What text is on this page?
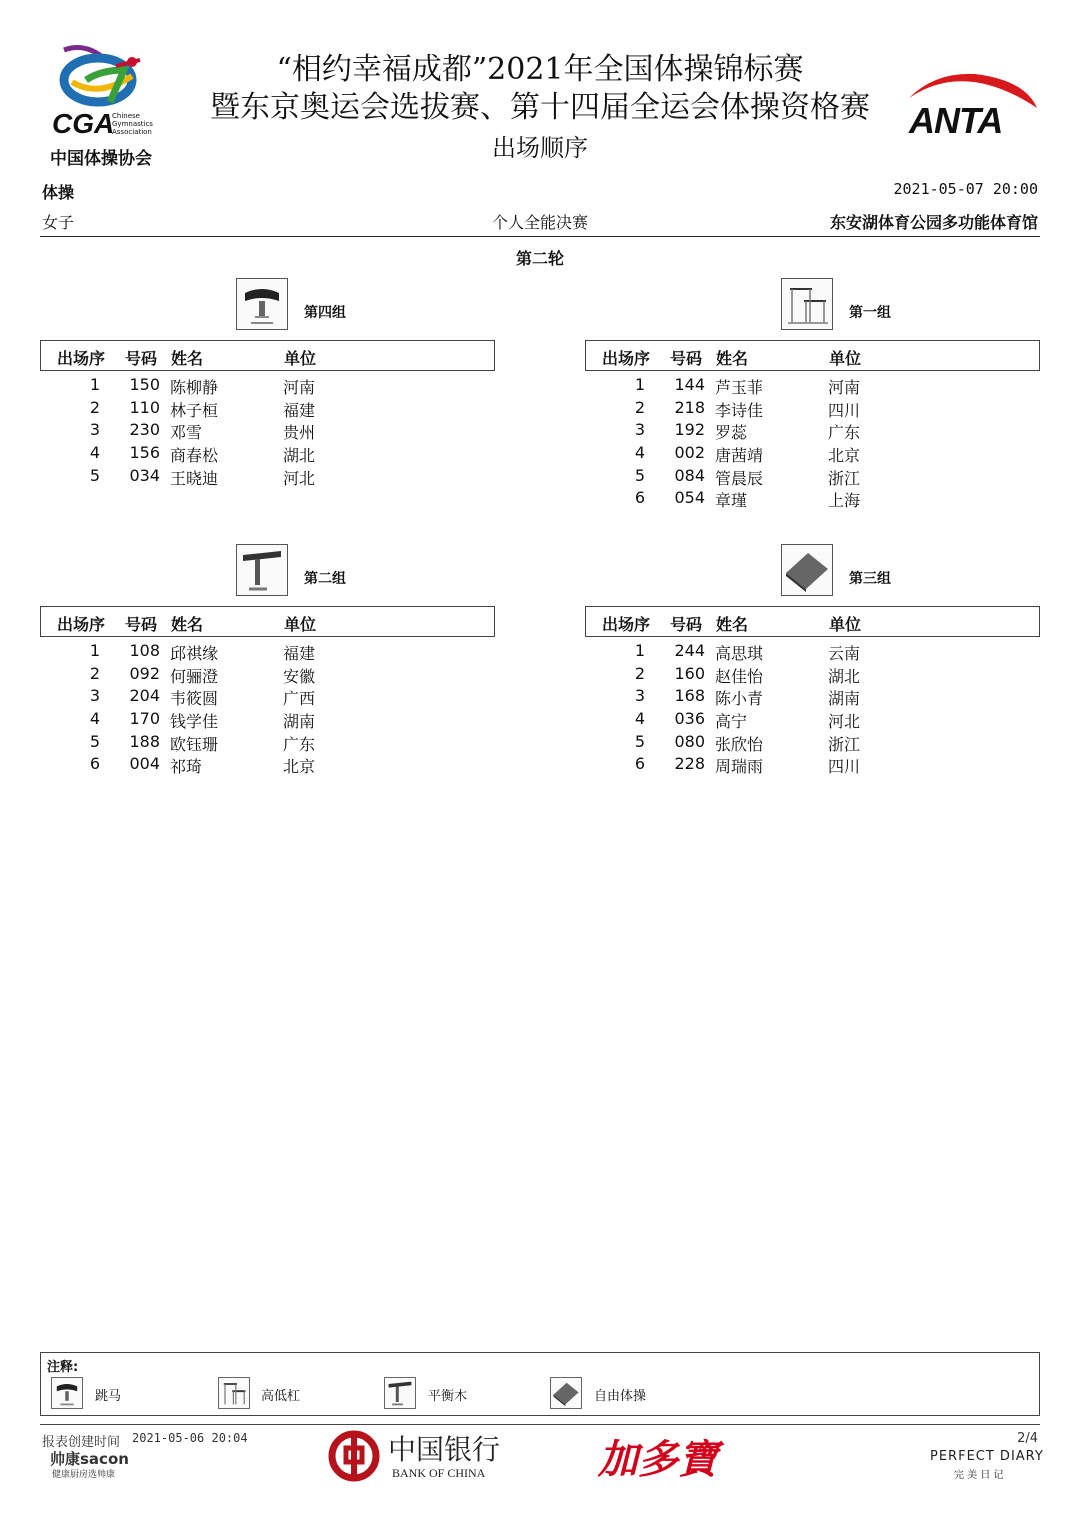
CGA
Chinese Gymnastics Association
中国体操协会
“相约幸福成都”2021年全国体操锦标赛
暨东京奥运会选拔赛、第十四届全运会体操资格赛
出场顺序
ANTA
体操	2021-05-07 20:00
女子	个人全能决赛	东安湖体育公园多功能体育馆
第二轮
第四组
出场序 号码 姓名	单位
1	150 陈柳静	河南
2	110 林子桓	福建
3	230 邓雪	贵州
4	156 商春松	湖北
5	034 王晓迪	河北
第一组
出场序 号码 姓名	单位
1	144 芦玉菲	河南
2	218 李诗佳	四川
3	192 罗蕊	广东
4	002 唐茜靖	北京
5	084 管晨辰	浙江
6	054 章瑾	上海
第二组
出场序 号码 姓名	单位
1	108 邱祺缘	福建
2	092 何骊澄	安徽
3	204 韦筱圆	广西
4	170 钱学佳	湖南
5	188 欧钰珊	广东
6	004 祁琦	北京
第三组
出场序 号码 姓名	单位
1	244 高思琪	云南
2	160 赵佳怡	湖北
3	168 陈小青	湖南
4	036 高宁	河北
5	080 张欣怡	浙江
6	228 周瑞雨	四川
注释:
跳马	高低杠	平衡木	自由体操
报表创建时间 2021-05-06 20:04
帅康sacon
健康厨房选帅康
中国银行
BANK OF CHINA	加多寶	2/4
PERFECT DIARY
完 美 日 记
